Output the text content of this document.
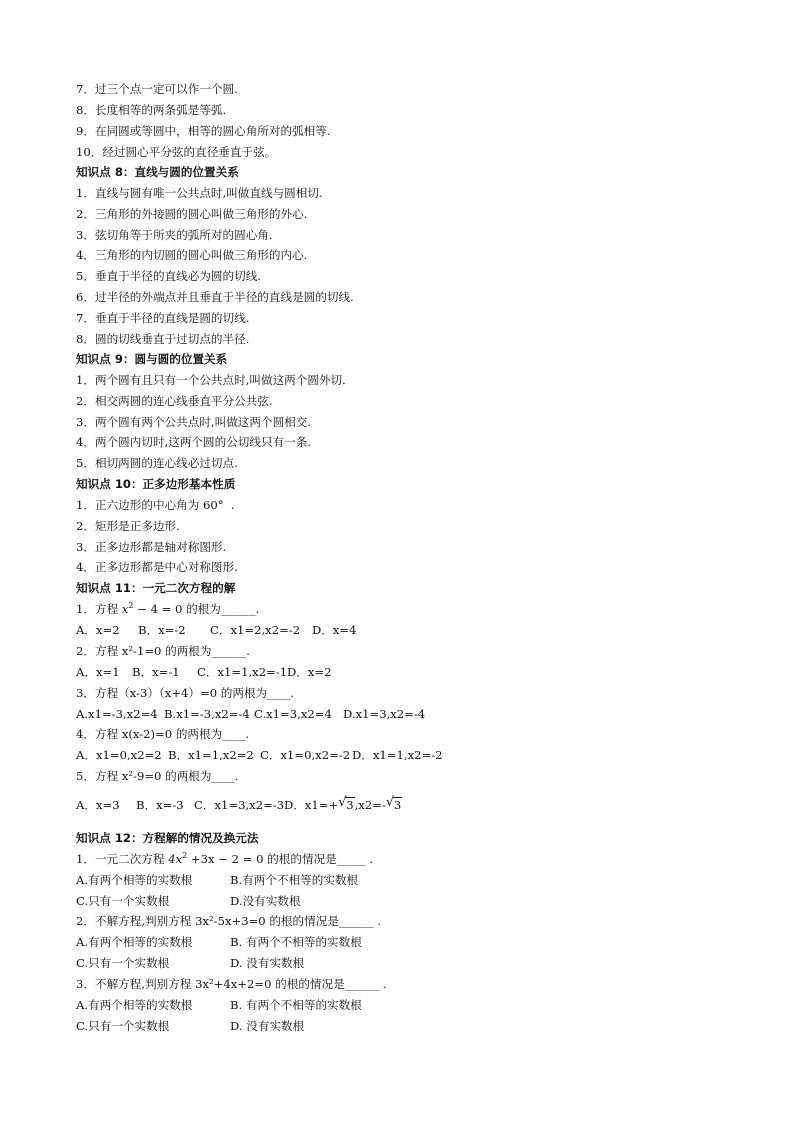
7．过三个点一定可以作一个圆.
8．长度相等的两条弧是等弧.
9．在同圆或等圆中，相等的圆心角所对的弧相等.
10．经过圆心平分弦的直径垂直于弦。
知识点 8：直线与圆的位置关系
1．直线与圆有唯一公共点时,叫做直线与圆相切.
2．三角形的外接圆的圆心叫做三角形的外心.
3．弦切角等于所夹的弧所对的圆心角.
4．三角形的内切圆的圆心叫做三角形的内心.
5．垂直于半径的直线必为圆的切线.
6．过半径的外端点并且垂直于半径的直线是圆的切线.
7．垂直于半径的直线是圆的切线.
8．圆的切线垂直于过切点的半径.
知识点 9：圆与圆的位置关系
1．两个圆有且只有一个公共点时,叫做这两个圆外切.
2．相交两圆的连心线垂直平分公共弦.
3．两个圆有两个公共点时,叫做这两个圆相交.
4．两个圆内切时,这两个圆的公切线只有一条.
5．相切两圆的连心线必过切点.
知识点 10：正多边形基本性质
1．正六边形的中心角为 60°  .
2．矩形是正多边形.
3．正多边形都是轴对称图形.
4．正多边形都是中心对称图形.
知识点 11：一元二次方程的解
1．方程 $x^2 - 4 = 0$ 的根为______.
A．x=2 B．x=-2 C．x1=2,x2=-2 D．x=4
2．方程 x²-1=0 的两根为______.
A．x=1 B．x=-1 C．x1=1,x2=-1 D．x=2
3．方程（x-3）（x+4）=0 的两根为____.
A.x1=-3,x2=4 B.x1=-3,x2=-4 C.x1=3,x2=4 D.x1=3,x2=-4
4．方程 x(x-2)=0 的两根为____.
A．x1=0,x2=2 B．x1=1,x2=2 C．x1=0,x2=-2 D．x1=1,x2=-2
5．方程 x²-9=0 的两根为____.
A．x=3 B．x=-3 C．x1=3,x2=-3 D．x1=+ √ 3,x2=- √ 3
知识点 12：方程解的情况及换元法
1．一元二次方程 $4x^2 +3x - 2 = 0$ 的根的情况是_____ .
A.有两个相等的实数根	B.有两个不相等的实数根
C.只有一个实数根	D.没有实数根
2．不解方程,判别方程 3x²-5x+3=0 的根的情况是______ .
A.有两个相等的实数根	B. 有两个不相等的实数根
C.只有一个实数根	D. 没有实数根
3．不解方程,判别方程 3x²+4x+2=0 的根的情况是______ .
A.有两个相等的实数根	B. 有两个不相等的实数根
C.只有一个实数根	D. 没有实数根
